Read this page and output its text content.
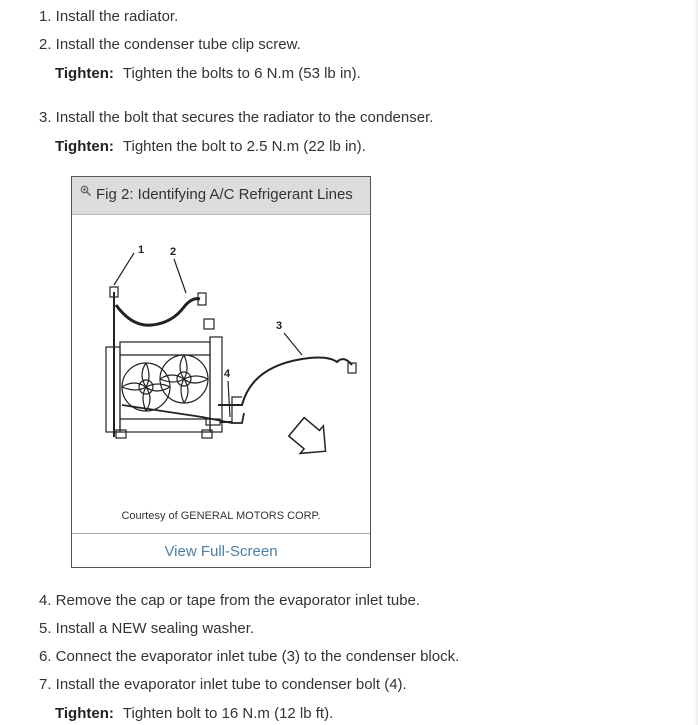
1. Install the radiator.
2. Install the condenser tube clip screw.
Tighten: Tighten the bolts to 6 N.m (53 lb in).
3. Install the bolt that secures the radiator to the condenser.
Tighten: Tighten the bolt to 2.5 N.m (22 lb in).
Fig 2: Identifying A/C Refrigerant Lines
1 2
3
4
Courtesy of GENERAL MOTORS CORP.
View Full-Screen
4. Remove the cap or tape from the evaporator inlet tube.
5. Install a NEW sealing washer.
6. Connect the evaporator inlet tube (3) to the condenser block.
7. Install the evaporator inlet tube to condenser bolt (4).
Tighten: Tighten bolt to 16 N.m (12 lb ft).
